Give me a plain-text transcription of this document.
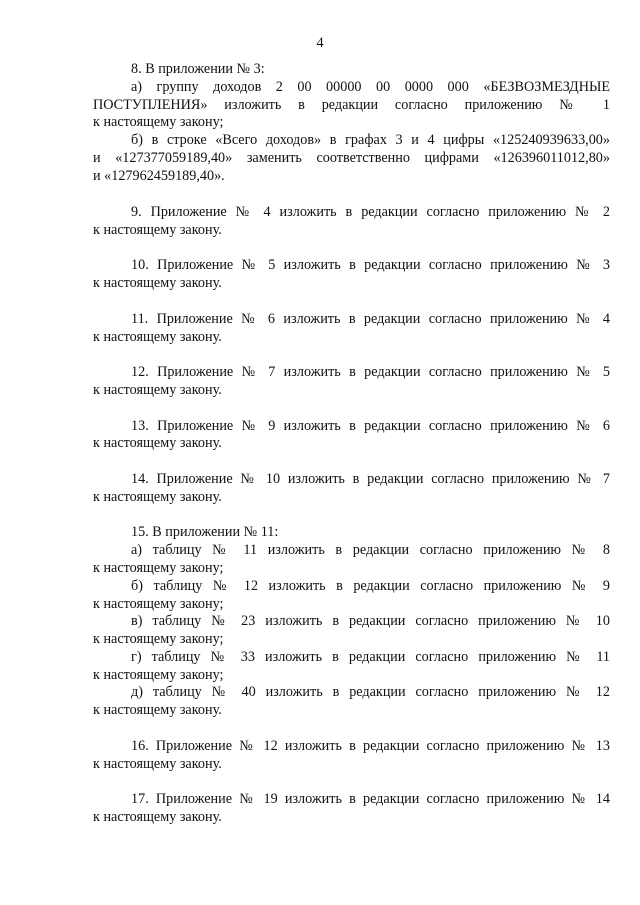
4

8. В приложении № 3:

а) группу доходов 2 00 00000 00 0000 000 «БЕЗВОЗМЕЗДНЫЕ
ПОСТУПЛЕНИЯ» изложить в редакции согласно приложению № 1
к настоящему закону;

б) в строке «Всего доходов» в графах 3 и 4 цифры «125240939633,00»
и «127377059189,40» заменить соответственно цифрами «126396011012,80»
и «127962459189,40».

9. Приложение № 4 изложить в редакции согласно приложению № 2
к настоящему закону.

10. Приложение № 5 изложить в редакции согласно приложению № 3
к настоящему закону.

11. Приложение № 6 изложить в редакции согласно приложению № 4
к настоящему закону.

12. Приложение № 7 изложить в редакции согласно приложению № 5
к настоящему закону.

13. Приложение № 9 изложить в редакции согласно приложению № 6
к настоящему закону.

14. Приложение № 10 изложить в редакции согласно приложению № 7
к настоящему закону.

15. В приложении № 11:

а) таблицу № 11 изложить в редакции согласно приложению № 8
к настоящему закону;

б) таблицу № 12 изложить в редакции согласно приложению № 9
к настоящему закону;

в) таблицу № 23 изложить в редакции согласно приложению № 10
к настоящему закону;

г) таблицу № 33 изложить в редакции согласно приложению № 11
к настоящему закону;

д) таблицу № 40 изложить в редакции согласно приложению № 12
к настоящему закону.

16. Приложение № 12 изложить в редакции согласно приложению № 13
к настоящему закону.

17. Приложение № 19 изложить в редакции согласно приложению № 14
к настоящему закону.
